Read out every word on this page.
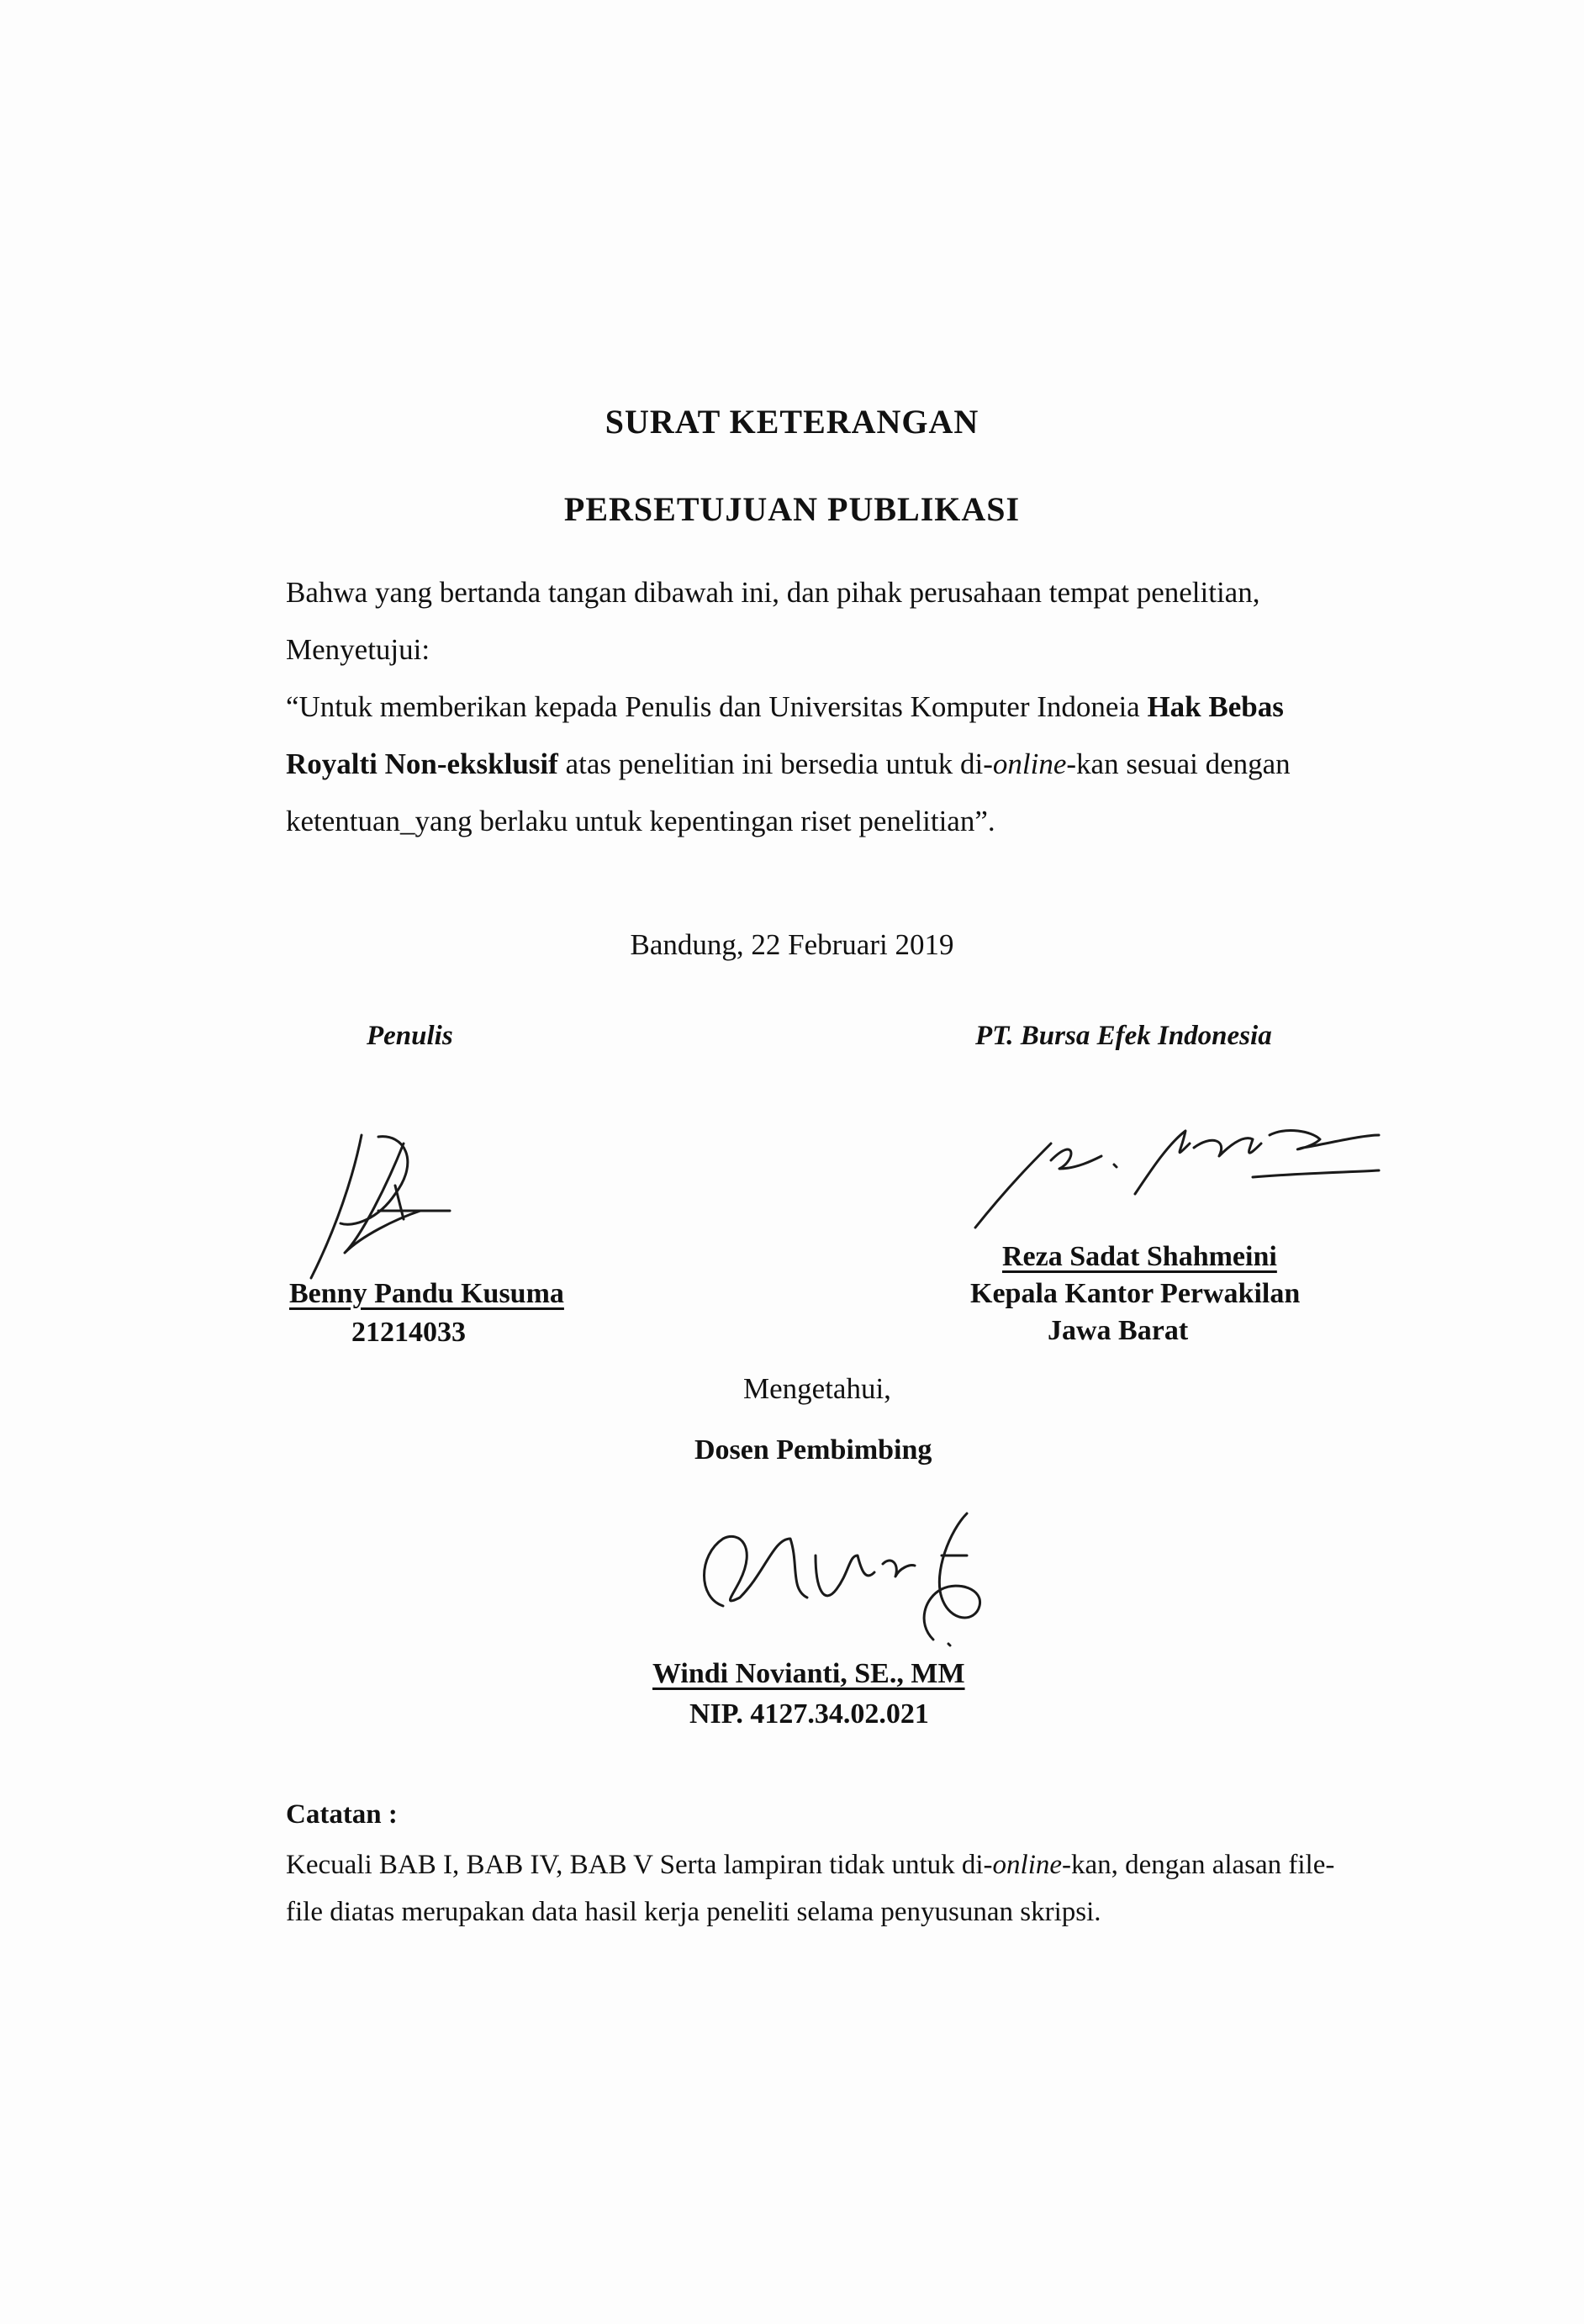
SURAT KETERANGAN
PERSETUJUAN PUBLIKASI
Bahwa yang bertanda tangan dibawah ini, dan pihak perusahaan tempat penelitian,
Menyetujui:
“Untuk memberikan kepada Penulis dan Universitas Komputer Indoneia Hak Bebas
Royalti Non-eksklusif atas penelitian ini bersedia untuk di-online-kan sesuai dengan
ketentuan_yang berlaku untuk kepentingan riset penelitian”.
Bandung, 22 Februari 2019
Penulis
Benny Pandu Kusuma
21214033
PT. Bursa Efek Indonesia
Reza Sadat Shahmeini
Kepala Kantor Perwakilan
Jawa Barat
Mengetahui,
Dosen Pembimbing
Windi Novianti, SE., MM
NIP. 4127.34.02.021
Catatan :
Kecuali BAB I, BAB IV, BAB V Serta lampiran tidak untuk di-online-kan, dengan alasan file-
file diatas merupakan data hasil kerja peneliti selama penyusunan skripsi.
